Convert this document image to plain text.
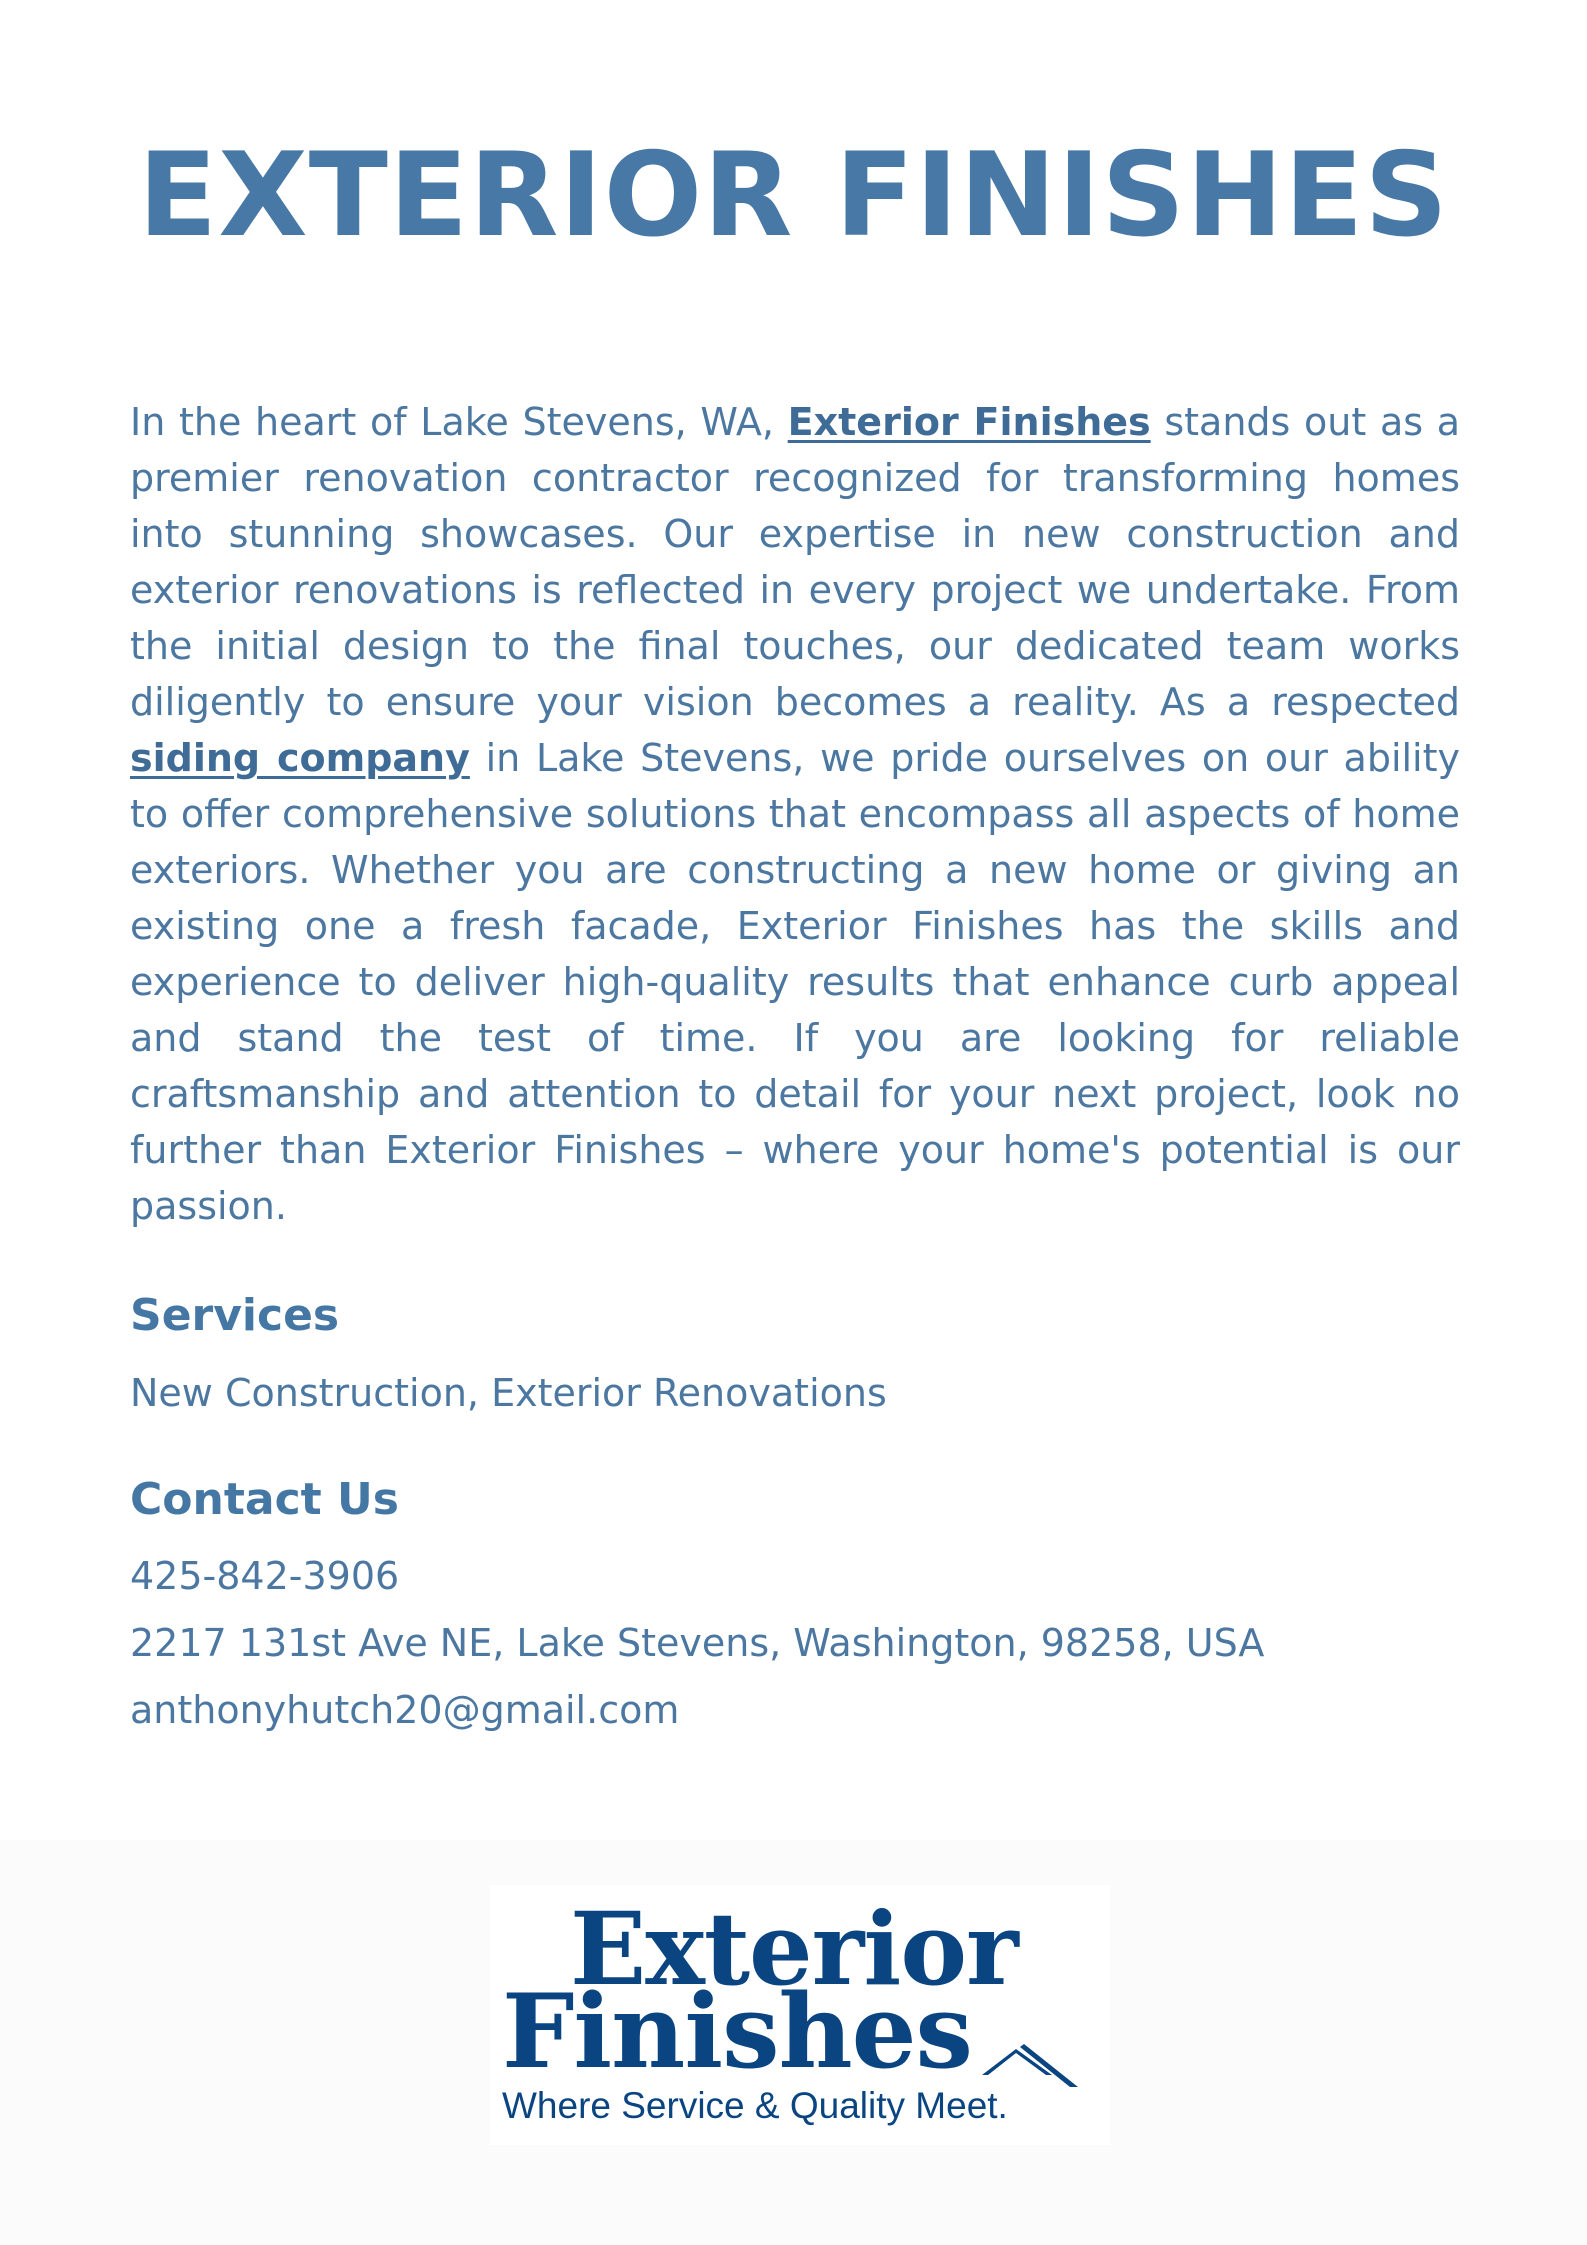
EXTERIOR FINISHES

In the heart of Lake Stevens, WA, Exterior Finishes stands out as a premier renovation contractor recognized for transforming homes into stunning showcases. Our expertise in new construction and exterior renovations is reflected in every project we undertake. From the initial design to the final touches, our dedicated team works diligently to ensure your vision becomes a reality. As a respected siding company in Lake Stevens, we pride ourselves on our ability to offer comprehensive solutions that encompass all aspects of home exteriors. Whether you are constructing a new home or giving an existing one a fresh facade, Exterior Finishes has the skills and experience to deliver high-quality results that enhance curb appeal and stand the test of time. If you are looking for reliable craftsmanship and attention to detail for your next project, look no further than Exterior Finishes – where your home's potential is our passion.

Services

New Construction, Exterior Renovations

Contact Us

425-842-3906

2217 131st Ave NE, Lake Stevens, Washington, 98258, USA

anthonyhutch20@gmail.com

Exterior
Finishes
Where Service & Quality Meet.
